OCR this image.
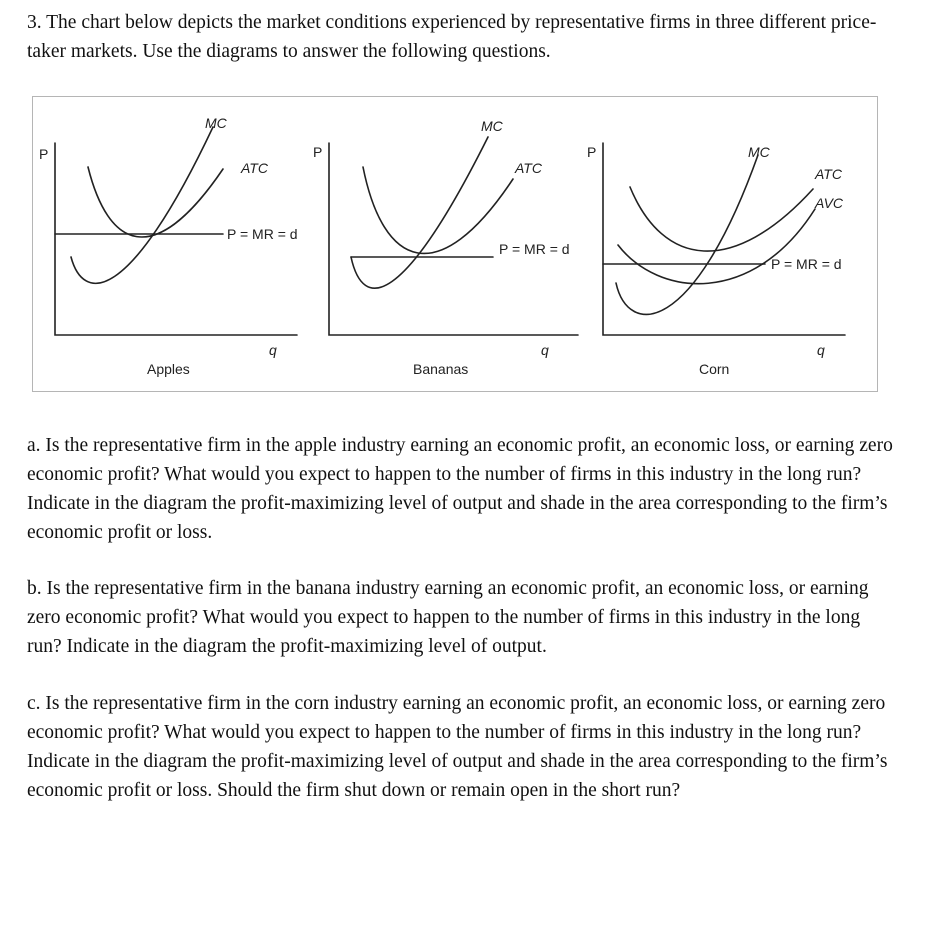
3. The chart below depicts the market conditions experienced by representative firms in three different price-taker markets. Use the diagrams to answer the following questions.

P
MC
ATC
P = MR = d
q
Apples
P
MC
ATC
P = MR = d
q
Bananas
P	MC
ATC
AVC
P = MR = d
q
Corn

a. Is the representative firm in the apple industry earning an economic profit, an economic loss, or earning zero economic profit? What would you expect to happen to the number of firms in this industry in the long run? Indicate in the diagram the profit-maximizing level of output and shade in the area corresponding to the firm’s economic profit or loss.

b. Is the representative firm in the banana industry earning an economic profit, an economic loss, or earning zero economic profit? What would you expect to happen to the number of firms in this industry in the long run? Indicate in the diagram the profit-maximizing level of output.

c. Is the representative firm in the corn industry earning an economic profit, an economic loss, or earning zero economic profit? What would you expect to happen to the number of firms in this industry in the long run? Indicate in the diagram the profit-maximizing level of output and shade in the area corresponding to the firm’s economic profit or loss. Should the firm shut down or remain open in the short run?
